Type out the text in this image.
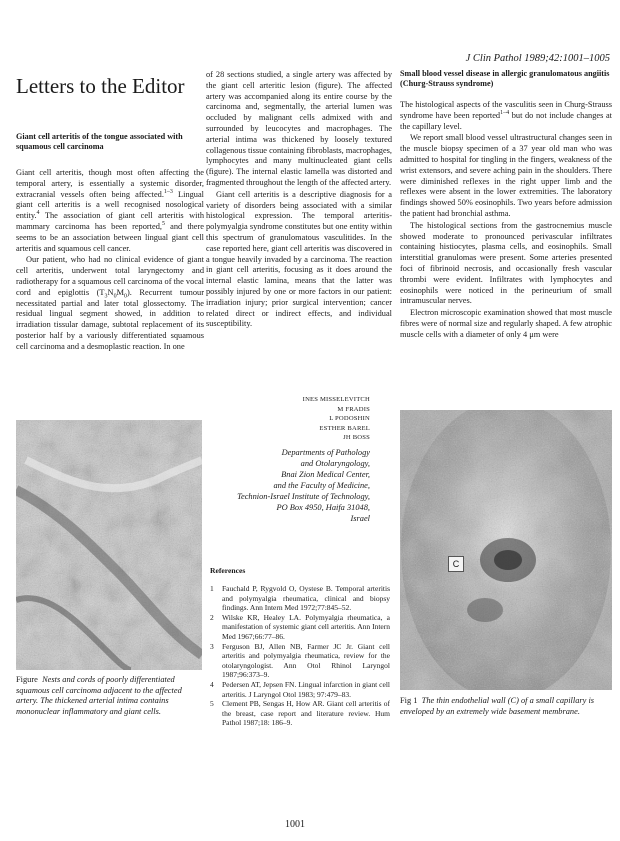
J Clin Pathol 1989;42:1001–1005
Letters to the Editor
Giant cell arteritis of the tongue associated with squamous cell carcinoma

Giant cell arteritis, though most often affecting the temporal artery, is essentially a systemic disorder, extracranial vessels often being affected.$^{1-3}$ Lingual giant cell arteritis is a well recognised nosological entity.$^4$ The association of giant cell arteritis with mammary carcinoma has been reported,$^5$ and there seems to be an association between lingual giant cell arteritis and squamous cell cancer.

Our patient, who had no clinical evidence of giant cell arteritis, underwent total laryngectomy and radiotherapy for a squamous cell carcinoma of the vocal cord and epiglottis $(T_3N_0M_0)$. Recurrent tumour necessitated partial and later total glossectomy. The residual lingual segment showed, in addition to irradiation tissular damage, subtotal replacement of its posterior half by a variously differentiated squamous cell carcinoma and a desmoplastic reaction. In one

Figure Nests and cords of poorly differentiated squamous cell carcinoma adjacent to the affected artery. The thickened arterial intima contains mononuclear inflammatory and giant cells.

of 28 sections studied, a single artery was affected by the giant cell arteritic lesion (figure). The affected artery was accompanied along its entire course by the carcinoma and, segmentally, the arterial lumen was occluded by malignant cells admixed with and surrounded by leucocytes and macrophages. The arterial intima was thickened by loosely textured collagenous tissue containing fibroblasts, macrophages, lymphocytes and many multinucleated giant cells (figure). The internal elastic lamella was distorted and fragmented throughout the length of the affected artery.

Giant cell arteritis is a descriptive diagnosis for a variety of disorders being associated with a similar histological expression. The temporal arteritis-polymyalgia syndrome constitutes but one entity within this spectrum of granulomatous vasculitides. In the case reported here, giant cell arteritis was discovered in a tongue heavily invaded by a carcinoma. The reaction in giant cell arteritis, focusing as it does around the internal elastic lamina, means that the latter was possibly injured by one or more factors in our patient: irradiation injury; prior surgical intervention; cancer related direct or indirect effects, and individual susceptibility.

INES MISSELEVITCH
M FRADIS
L PODOSHIN
ESTHER BAREL
JH BOSS
Departments of Pathology
and Otolaryngology,
Bnai Zion Medical Center,
and the Faculty of Medicine,
Technion-Israel Institute of Technology,
PO Box 4950, Haifa 31048,
Israel
References
1 Fauchald P, Rygvold O, Oystese B. Temporal arteritis and polymyalgia rheumatica, clinical and biopsy findings. Ann Intern Med 1972;77:845–52.
2 Wilske KR, Healey LA. Polymyalgia rheumatica, a manifestation of systemic giant cell arteritis. Ann Intern Med 1967;66:77–86.
3 Ferguson BJ, Allen NB, Farmer JC Jr. Giant cell arteritis and polymyalgia rheumatica, review for the otolaryngologist. Ann Otol Rhinol Laryngol 1987;96:373–9.
4 Pedersen AT, Jepsen FN. Lingual infarction in giant cell arteritis. J Laryngol Otol 1983; 97:479–83.
5 Clement PB, Sengas H, How AR. Giant cell arteritis of the breast, case report and literature review. Hum Pathol 1987;18: 186–9.
Small blood vessel disease in allergic granulomatous angiitis (Churg-Strauss syndrome)

The histological aspects of the vasculitis seen in Churg-Strauss syndrome have been reported$^{1-4}$ but do not include changes at the capillary level.

We report small blood vessel ultrastructural changes seen in the muscle biopsy specimen of a 37 year old man who was admitted to hospital for tingling in the fingers, weakness of the wrist extensors, and severe aching pain in the shoulders. There were diminished reflexes in the right upper limb and the reflexes were absent in the lower extremities. The laboratory findings showed 50% eosinophils. Two years before admission the patient had bronchial asthma.

The histological sections from the gastrocnemius muscle showed moderate to pronounced perivascular infiltrates containing histiocytes, plasma cells, and eosinophils. Small interstitial granulomas were present. Some arteries presented foci of fibrinoid necrosis, and occasionally fresh vascular thrombi were evident. Infiltrates with lymphocytes and eosinophils were noticed in the perineurium of small intramuscular nerves.

Electron microscopic examination showed that most muscle fibres were of normal size and regularly shaped. A few atrophic muscle cells with a diameter of only 4 μm were

C
Fig 1 The thin endothelial wall (C) of a small capillary is enveloped by an extremely wide basement membrane.
1001
